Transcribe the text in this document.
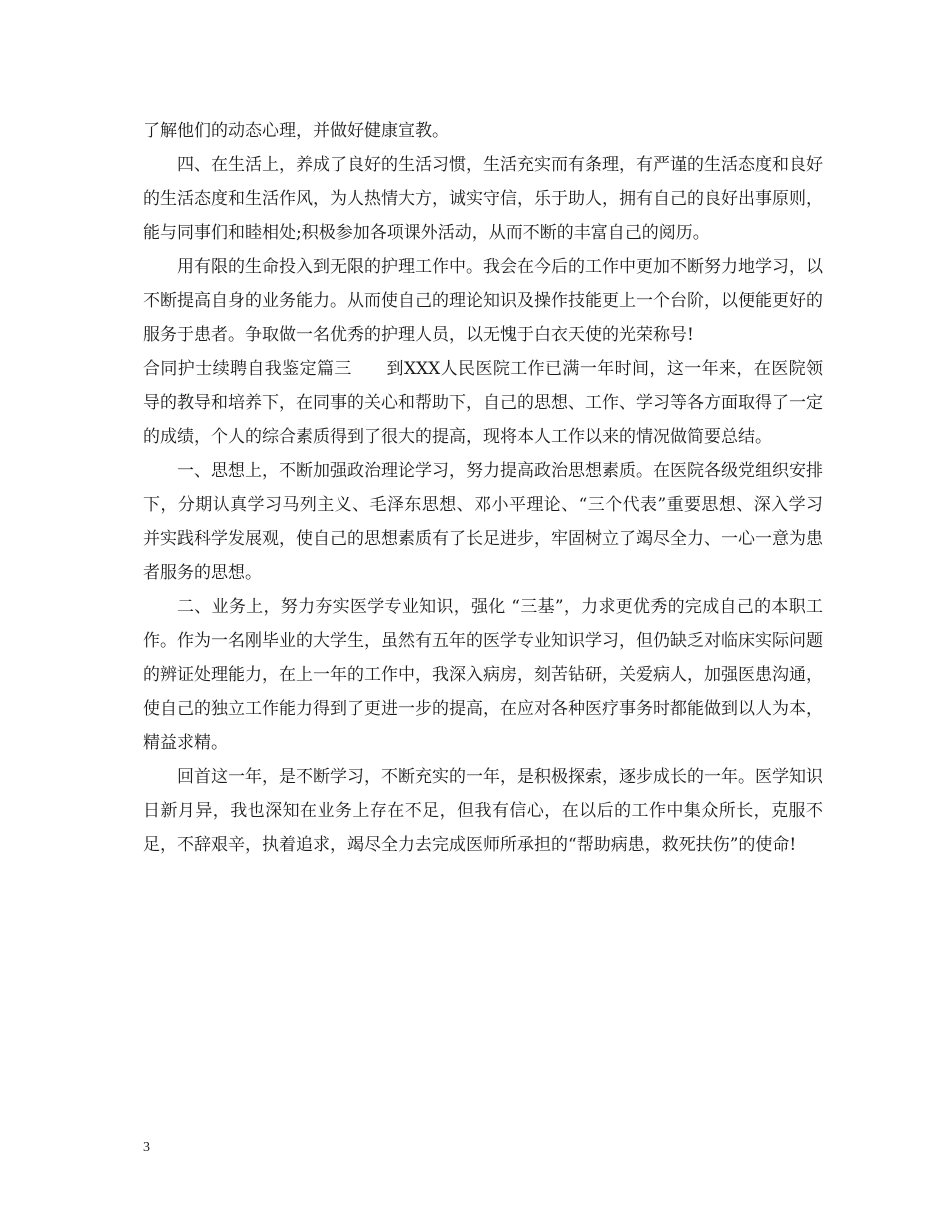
了解他们的动态心理，并做好健康宣教。

四、在生活上，养成了良好的生活习惯，生活充实而有条理，有严谨的生活态度和良好的生活态度和生活作风，为人热情大方，诚实守信，乐于助人，拥有自己的良好出事原则，能与同事们和睦相处;积极参加各项课外活动，从而不断的丰富自己的阅历。

用有限的生命投入到无限的护理工作中。我会在今后的工作中更加不断努力地学习，以不断提高自身的业务能力。从而使自己的理论知识及操作技能更上一个台阶，以便能更好的服务于患者。争取做一名优秀的护理人员，以无愧于白衣天使的光荣称号!

合同护士续聘自我鉴定篇三　　到XXX人民医院工作已满一年时间，这一年来，在医院领导的教导和培养下，在同事的关心和帮助下，自己的思想、工作、学习等各方面取得了一定的成绩，个人的综合素质得到了很大的提高，现将本人工作以来的情况做简要总结。

一、思想上，不断加强政治理论学习，努力提高政治思想素质。在医院各级党组织安排下，分期认真学习马列主义、毛泽东思想、邓小平理论、“三个代表”重要思想、深入学习并实践科学发展观，使自己的思想素质有了长足进步，牢固树立了竭尽全力、一心一意为患者服务的思想。

二、业务上，努力夯实医学专业知识，强化 “三基”，力求更优秀的完成自己的本职工作。作为一名刚毕业的大学生，虽然有五年的医学专业知识学习，但仍缺乏对临床实际问题的辨证处理能力，在上一年的工作中，我深入病房，刻苦钻研，关爱病人，加强医患沟通，使自己的独立工作能力得到了更进一步的提高，在应对各种医疗事务时都能做到以人为本，精益求精。

回首这一年，是不断学习，不断充实的一年，是积极探索，逐步成长的一年。医学知识日新月异，我也深知在业务上存在不足，但我有信心，在以后的工作中集众所长，克服不足，不辞艰辛，执着追求，竭尽全力去完成医师所承担的“帮助病患，救死扶伤”的使命!

3
